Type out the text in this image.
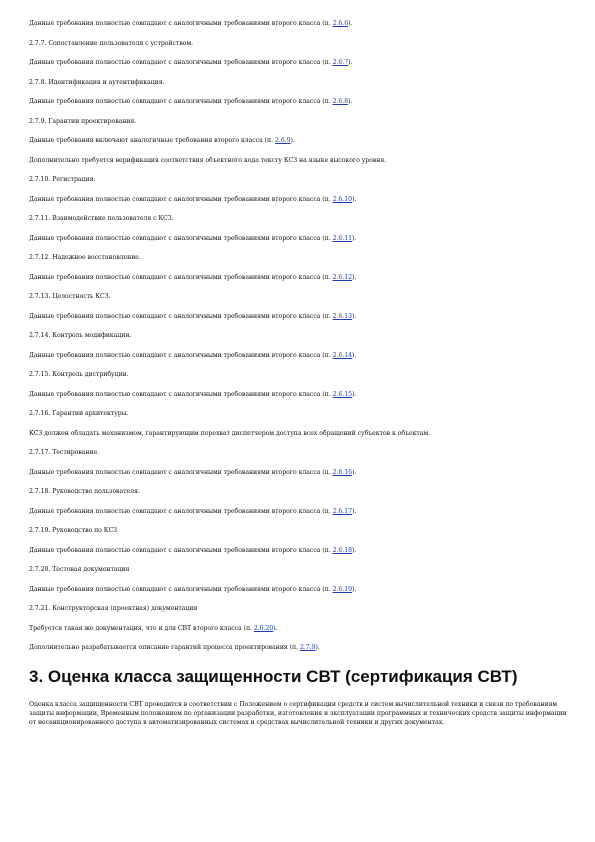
Данные требования полностью совпадают с аналогичными требованиями второго класса (п. 2.6.6).
2.7.7. Сопоставление пользователя с устройством.
Данные требования полностью совпадают с аналогичными требованиями второго класса (п. 2.6.7).
2.7.8. Идентификация и аутентификация.
Данные требования полностью совпадают с аналогичными требованиями второго класса (п. 2.6.8).
2.7.9. Гарантии проектирования.
Данные требования включают аналогичные требования второго класса (п. 2.6.9).
Дополнительно требуется верификация соответствия объектного кода тексту КСЗ на языке высокого уровня.
2.7.10. Регистрация.
Данные требования полностью совпадают с аналогичными требованиями второго класса (п. 2.6.10).
2.7.11. Взаимодействие пользователя с КСЗ.
Данные требования полностью совпадают с аналогичными требованиями второго класса (п. 2.6.11).
2.7.12. Надежное восстановление.
Данные требования полностью совпадают с аналогичными требованиями второго класса (п. 2.6.12).
2.7.13. Целостность КСЗ.
Данные требования полностью совпадают с аналогичными требованиями второго класса (п. 2.6.13).
2.7.14. Контроль модификации.
Данные требования полностью совпадают с аналогичными требованиями второго класса (п. 2.6.14).
2.7.15. Контроль дистрибуции.
Данные требования полностью совпадают с аналогичными требованиями второго класса (п. 2.6.15).
2.7.16. Гарантии архитектуры.
КСЗ должен обладать механизмом, гарантирующим перехват диспетчером доступа всех обращений субъектов к объектам.
2.7.17. Тестирование.
Данные требования полностью совпадают с аналогичными требованиями второго класса (п. 2.6.16).
2.7.18. Руководство пользователя.
Данные требования полностью совпадают с аналогичными требованиями второго класса (п. 2.6.17).
2.7.19. Руководство по КСЗ
Данные требования полностью совпадают с аналогичными требованиями второго класса (п. 2.6.18).
2.7.20. Тестовая документация
Данные требования полностью совпадают с аналогичными требованиями второго класса (п. 2.6.19).
2.7.21. Конструкторская (проектная) документация
Требуется такая же документация, что и для СВТ второго класса (п. 2.6.20).
Дополнительно разрабатывается описание гарантий процесса проектирования (п. 2.7.9).
3. Оценка класса защищенности СВТ (сертификация СВТ)
Оценка класса защищенности СВТ проводится в соответствии с Положением о сертификации средств и систем вычислительной техники и связи по требованиям защиты информации, Временным положением по организации разработки, изготовления и эксплуатации программных и технических средств защиты информации от несанкционированного доступа в автоматизированных системах и средствах вычислительной техники и других документах.
